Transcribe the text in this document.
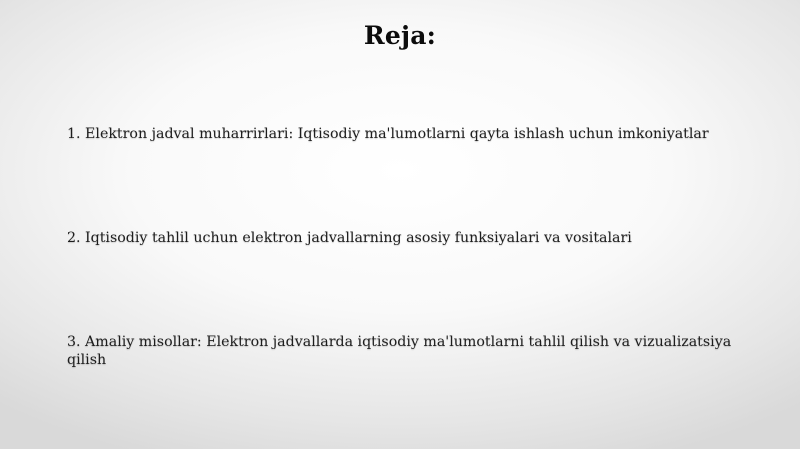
Reja:
1. Elektron jadval muharrirlari: Iqtisodiy ma'lumotlarni qayta ishlash uchun imkoniyatlar
2. Iqtisodiy tahlil uchun elektron jadvallarning asosiy funksiyalari va vositalari
3. Amaliy misollar: Elektron jadvallarda iqtisodiy ma'lumotlarni tahlil qilish va vizualizatsiya qilish
